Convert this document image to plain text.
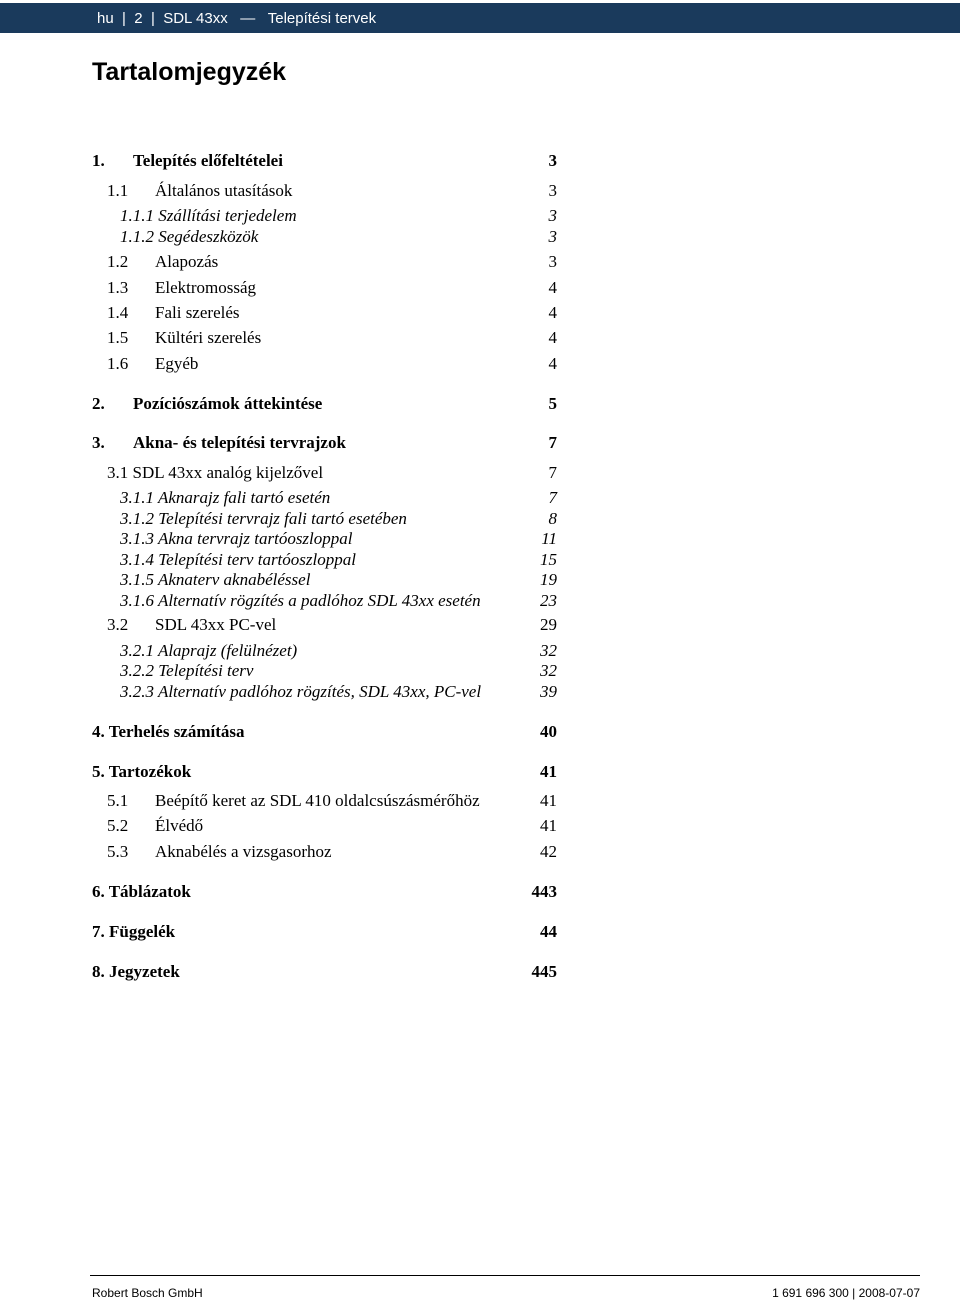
hu
|
2
|
SDL 43xx
—
Telepítési tervek
Tartalomjegyzék
1. Telepítés előfeltételei	3
1.1 Általános utasítások	3
1.1.1 Szállítási terjedelem	3
1.1.2 Segédeszközök	3
1.2 Alapozás	3
1.3 Elektromosság	4
1.4 Fali szerelés	4
1.5 Kültéri szerelés	4
1.6 Egyéb	4
2. Pozíciószámok áttekintése	5
3. Akna- és telepítési tervrajzok	7
3.1 SDL 43xx analóg kijelzővel	7
3.1.1 Aknarajz fali tartó esetén	7
3.1.2 Telepítési tervrajz fali tartó esetében	8
3.1.3 Akna tervrajz tartóoszloppal	11
3.1.4 Telepítési terv tartóoszloppal	15
3.1.5 Aknaterv aknabéléssel	19
3.1.6 Alternatív rögzítés a padlóhoz SDL 43xx esetén	23
3.2 SDL 43xx PC-vel	29
3.2.1 Alaprajz (felülnézet)	32
3.2.2 Telepítési terv	32
3.2.3 Alternatív padlóhoz rögzítés, SDL 43xx, PC-vel	39
4. Terhelés számítása	40
5. Tartozékok	41
5.1 Beépítő keret az SDL 410 oldalcsúszásmérőhöz	41
5.2 Élvédő	41
5.3 Aknabélés a vizsgasorhoz	42
6. Táblázatok	443
7. Függelék	44
8. Jegyzetek	445
Robert Bosch GmbH	1 691 696 300 | 2008-07-07
